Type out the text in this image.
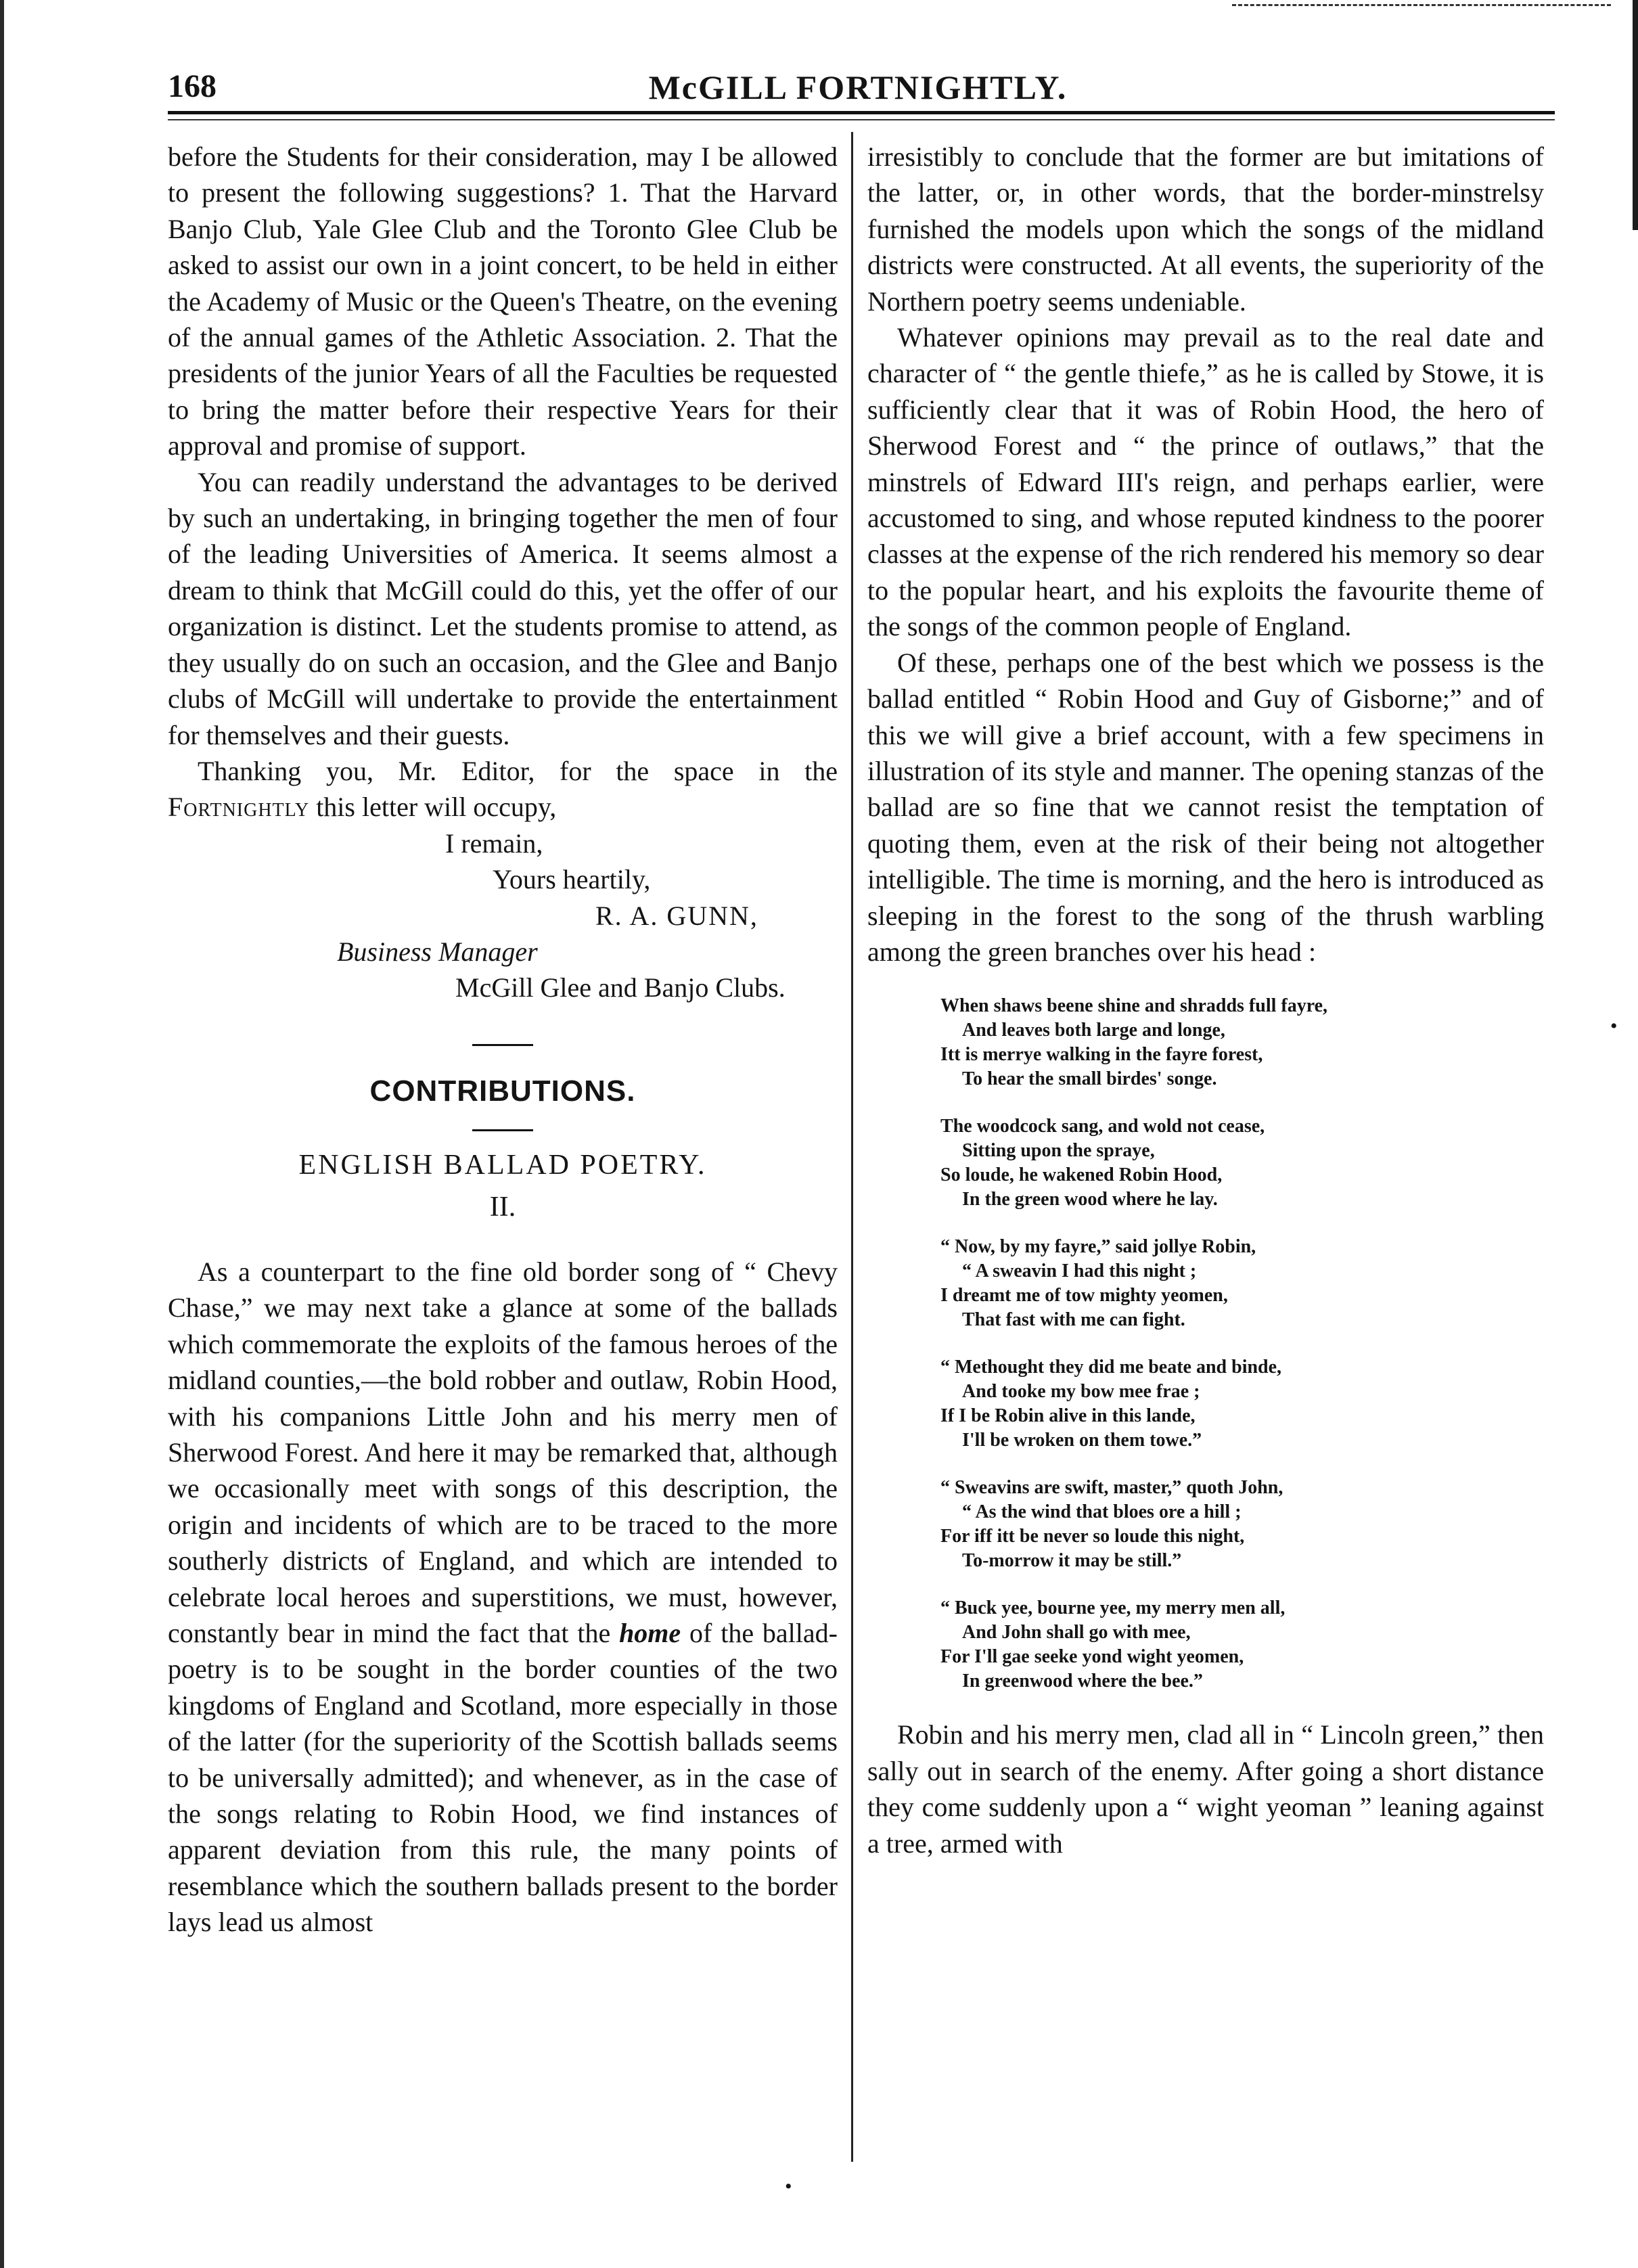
168	McGILL FORTNIGHTLY.

before the Students for their consideration, may I be allowed to present the following suggestions? 1. That the Harvard Banjo Club, Yale Glee Club and the Toronto Glee Club be asked to assist our own in a joint concert, to be held in either the Academy of Music or the Queen's Theatre, on the evening of the annual games of the Athletic Association. 2. That the presidents of the junior Years of all the Faculties be requested to bring the matter before their respective Years for their approval and promise of support.

You can readily understand the advantages to be derived by such an undertaking, in bringing together the men of four of the leading Universities of America. It seems almost a dream to think that McGill could do this, yet the offer of our organization is distinct. Let the students promise to attend, as they usually do on such an occasion, and the Glee and Banjo clubs of McGill will undertake to provide the entertainment for themselves and their guests.

Thanking you, Mr. Editor, for the space in the Fortnightly this letter will occupy,

I remain,
Yours heartily,
R. A. GUNN,
Business Manager
McGill Glee and Banjo Clubs.
CONTRIBUTIONS.
ENGLISH BALLAD POETRY.
II.

As a counterpart to the fine old border song of “ Chevy Chase,” we may next take a glance at some of the ballads which commemorate the exploits of the famous heroes of the midland counties,—the bold robber and outlaw, Robin Hood, with his companions Little John and his merry men of Sherwood Forest. And here it may be remarked that, although we occasionally meet with songs of this description, the origin and incidents of which are to be traced to the more southerly districts of England, and which are intended to celebrate local heroes and superstitions, we must, however, constantly bear in mind the fact that the home of the ballad-poetry is to be sought in the border counties of the two kingdoms of England and Scotland, more especially in those of the latter (for the superiority of the Scottish ballads seems to be universally admitted); and whenever, as in the case of the songs relating to Robin Hood, we find instances of apparent deviation from this rule, the many points of resemblance which the southern ballads present to the border lays lead us almost

irresistibly to conclude that the former are but imitations of the latter, or, in other words, that the border-minstrelsy furnished the models upon which the songs of the midland districts were constructed. At all events, the superiority of the Northern poetry seems undeniable.

Whatever opinions may prevail as to the real date and character of “ the gentle thiefe,” as he is called by Stowe, it is sufficiently clear that it was of Robin Hood, the hero of Sherwood Forest and “ the prince of outlaws,” that the minstrels of Edward III's reign, and perhaps earlier, were accustomed to sing, and whose reputed kindness to the poorer classes at the expense of the rich rendered his memory so dear to the popular heart, and his exploits the favourite theme of the songs of the common people of England.

Of these, perhaps one of the best which we possess is the ballad entitled “ Robin Hood and Guy of Gisborne;” and of this we will give a brief account, with a few specimens in illustration of its style and manner. The opening stanzas of the ballad are so fine that we cannot resist the temptation of quoting them, even at the risk of their being not altogether intelligible. The time is morning, and the hero is introduced as sleeping in the forest to the song of the thrush warbling among the green branches over his head :

When shaws beene shine and shradds full fayre,
And leaves both large and longe,
Itt is merrye walking in the fayre forest,
To hear the small birdes' songe.
The woodcock sang, and wold not cease,
Sitting upon the spraye,
So loude, he wakened Robin Hood,
In the green wood where he lay.
“ Now, by my fayre,” said jollye Robin,
“ A sweavin I had this night ;
I dreamt me of tow mighty yeomen,
That fast with me can fight.
“ Methought they did me beate and binde,
And tooke my bow mee frae ;
If I be Robin alive in this lande,
I'll be wroken on them towe.”
“ Sweavins are swift, master,” quoth John,
“ As the wind that bloes ore a hill ;
For iff itt be never so loude this night,
To-morrow it may be still.”
“ Buck yee, bourne yee, my merry men all,
And John shall go with mee,
For I'll gae seeke yond wight yeomen,
In greenwood where the bee.”

Robin and his merry men, clad all in “ Lincoln green,” then sally out in search of the enemy. After going a short distance they come suddenly upon a “ wight yeoman ” leaning against a tree, armed with

•
•
